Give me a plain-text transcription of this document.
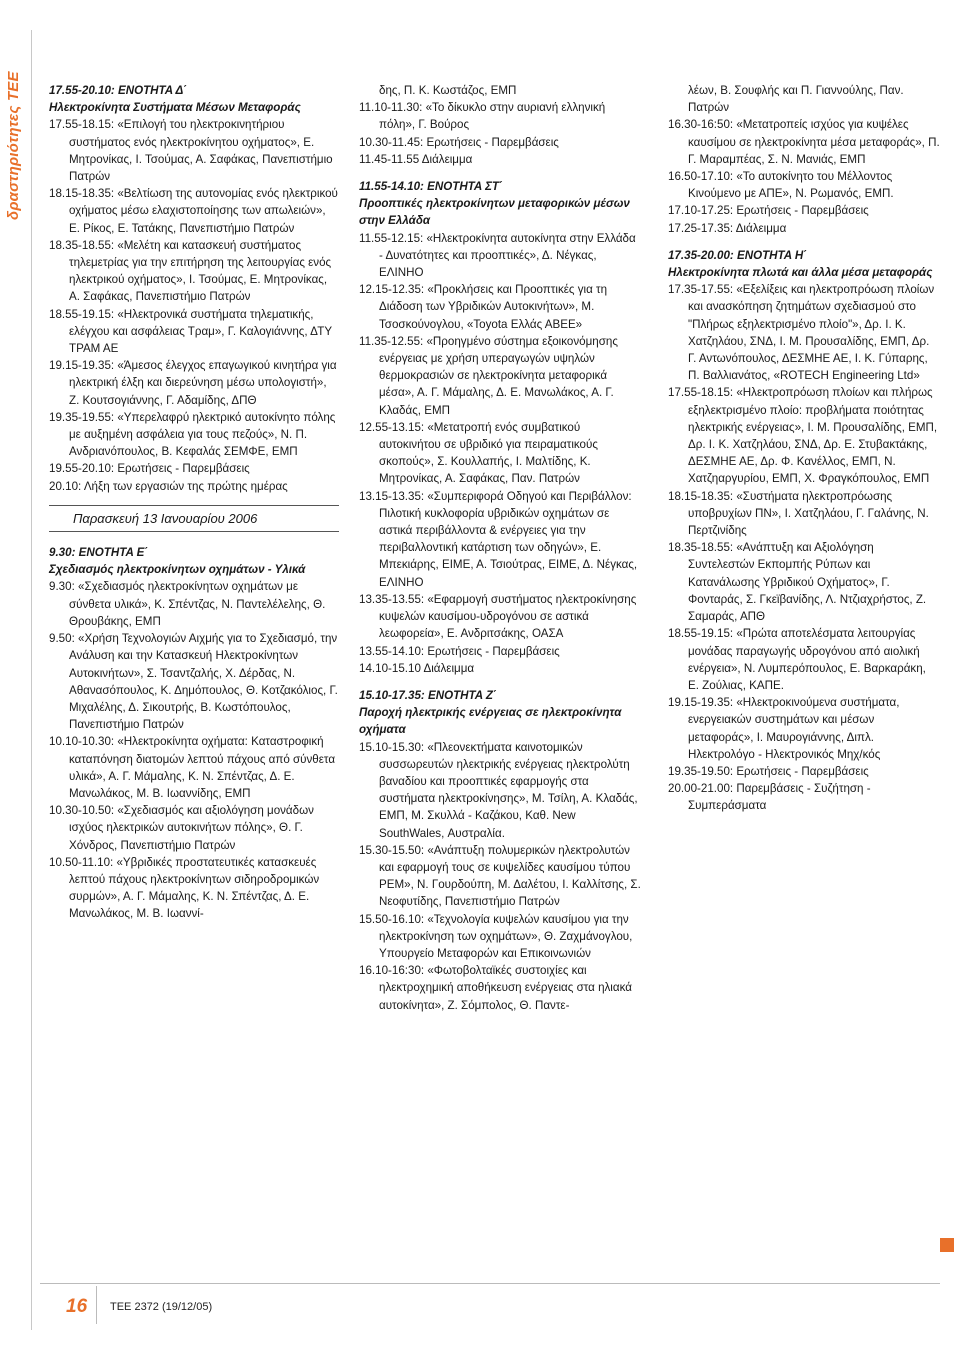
δραστηριότητες ΤΕΕ 17.55-20.10: ΕΝΟΤΗΤΑ Δ΄

Ηλεκτροκίνητα Συστήματα Μέσων Μεταφοράς

17.55-18.15: «Επιλογή του ηλεκτροκινητήριου συστήματος ενός ηλεκτροκίνητου οχήματος», Ε. Μητρονίκας, Ι. Τσούμας, Α. Σαφάκας, Πανεπιστήμιο Πατρών

18.15-18.35: «Βελτίωση της αυτονομίας ενός ηλεκτρικού οχήματος μέσω ελαχιστοποίησης των απωλειών», Ε. Ρίκος, Ε. Τατάκης, Πανεπιστήμιο Πατρών

18.35-18.55: «Μελέτη και κατασκευή συστήματος τηλεμετρίας για την επιτήρηση της λειτουργίας ενός ηλεκτρικού οχήματος», Ι. Τσούμας, Ε. Μητρονίκας, Α. Σαφάκας, Πανεπιστήμιο Πατρών

18.55-19.15: «Ηλεκτρονικά συστήματα τηλεματικής, ελέγχου και ασφάλειας Τραμ», Γ. Καλογιάννης, ΔΤΥ ΤΡΑΜ ΑΕ

19.15-19.35: «Άμεσος έλεγχος επαγωγικού κινητήρα για ηλεκτρική έλξη και διερεύνηση μέσω υπολογιστή», Ζ. Κουτσογιάννης, Γ. Αδαμίδης, ΔΠΘ

19.35-19.55: «Υπερελαφρύ ηλεκτρικό αυτοκίνητο πόλης με αυξημένη ασφάλεια για τους πεζούς», Ν. Π. Ανδριανόπουλος, Β. Κεφαλάς ΣΕΜΦΕ, ΕΜΠ

19.55-20.10: Ερωτήσεις - Παρεμβάσεις

20.10: Λήξη των εργασιών της πρώτης ημέρας

Παρασκευή 13 Ιανουαρίου 2006

9.30: ΕΝΟΤΗΤΑ Ε΄

Σχεδιασμός ηλεκτροκίνητων οχημάτων - Υλικά

9.30: «Σχεδιασμός ηλεκτροκίνητων οχημάτων με σύνθετα υλικά», Κ. Σπέντζας, Ν. Παντελέλελης, Θ. Θρουβάκης, ΕΜΠ

9.50: «Χρήση Τεχνολογιών Αιχμής για το Σχεδιασμό, την Ανάλυση και την Κατασκευή Ηλεκτροκίνητων Αυτοκινήτων», Σ. Τσαντζαλής, Χ. Δέρδας, Ν. Αθανασόπουλος, Κ. Δημόπουλος, Θ. Κοτζακόλιος, Γ. Μιχαλέλης, Δ. Σικουτρής, Β. Κωστόπουλος, Πανεπιστήμιο Πατρών

10.10-10.30: «Ηλεκτροκίνητα οχήματα: Καταστροφική καταπόνηση διατομών λεπτού πάχους από σύνθετα υλικά», Α. Γ. Μάμαλης, Κ. Ν. Σπέντζας, Δ. Ε. Μανωλάκος, Μ. Β. Ιωαννίδης, ΕΜΠ

10.30-10.50: «Σχεδιασμός και αξιολόγηση μονάδων ισχύος ηλεκτρικών αυτοκινήτων πόλης», Θ. Γ. Χόνδρος, Πανεπιστήμιο Πατρών

10.50-11.10: «Υβριδικές προστατευτικές κατασκευές λεπτού πάχους ηλεκτροκίνητων σιδηροδρομικών συρμών», Α. Γ. Μάμαλης, Κ. Ν. Σπέντζας, Δ. Ε. Μανωλάκος, Μ. Β. Ιωαννί-

δης, Π. Κ. Κωστάζος, ΕΜΠ

11.10-11.30: «Το δίκυκλο στην αυριανή ελληνική πόλη», Γ. Βούρος

10.30-11.45: Ερωτήσεις - Παρεμβάσεις

11.45-11.55 Διάλειμμα

11.55-14.10: ΕΝΟΤΗΤΑ ΣΤ΄

Προοπτικές ηλεκτροκίνητων μεταφορικών μέσων στην Ελλάδα

11.55-12.15: «Ηλεκτροκίνητα αυτοκίνητα στην Ελλάδα - Δυνατότητες και προοπτικές», Δ. Νέγκας, ΕΛΙΝΗΟ

12.15-12.35: «Προκλήσεις και Προοπτικές για τη Διάδοση των Υβριδικών Αυτοκινήτων», Μ. Τσοσκούνογλου, «Toyota Ελλάς ΑΒΕΕ»

11.35-12.55: «Προηγμένο σύστημα εξοικονόμησης ενέργειας με χρήση υπεραγωγών υψηλών θερμοκρασιών σε ηλεκτροκίνητα μεταφορικά μέσα», Α. Γ. Μάμαλης, Δ. Ε. Μανωλάκος, Α. Γ. Κλαδάς, ΕΜΠ

12.55-13.15: «Μετατροπή ενός συμβατικού αυτοκινήτου σε υβριδικό για πειραματικούς σκοπούς», Σ. Κουλλαπής, Ι. Μαλτίδης, Κ. Μητρονίκας, Α. Σαφάκας, Παν. Πατρών

13.15-13.35: «Συμπεριφορά Οδηγού και Περιβάλλον: Πιλοτική κυκλοφορία υβριδικών οχημάτων σε αστικά περιβάλλοντα & ενέργειες για την περιβαλλοντική κατάρτιση των οδηγών», Ε. Μπεκιάρης, ΕΙΜΕ, Α. Τσιούτρας, ΕΙΜΕ, Δ. Νέγκας, ΕΛΙΝΗΟ

13.35-13.55: «Εφαρμογή συστήματος ηλεκτροκίνησης κυψελών καυσίμου-υδρογόνου σε αστικά λεωφορεία», Ε. Ανδριτσάκης, ΟΑΣΑ

13.55-14.10: Ερωτήσεις - Παρεμβάσεις

14.10-15.10 Διάλειμμα

15.10-17.35: ΕΝΟΤΗΤΑ Ζ΄

Παροχή ηλεκτρικής ενέργειας σε ηλεκτροκίνητα οχήματα

15.10-15.30: «Πλεονεκτήματα καινοτομικών συσσωρευτών ηλεκτρικής ενέργειας ηλεκτρολύτη βαναδίου και προοπτικές εφαρμογής στα συστήματα ηλεκτροκίνησης», Μ. Τσίλη, Α. Κλαδάς, ΕΜΠ, Μ. Σκυλλά - Καζάκου, Καθ. New SouthWales, Αυστραλία.

15.30-15.50: «Ανάπτυξη πολυμερικών ηλεκτρολυτών και εφαρμογή τους σε κυψελίδες καυσίμου τύπου PEM», Ν. Γουρδούπη, Μ. Δαλέτου, Ι. Καλλίτσης, Σ. Νεοφυτίδης, Πανεπιστήμιο Πατρών

15.50-16.10: «Τεχνολογία κυψελών καυσίμου για την ηλεκτροκίνηση των οχημάτων», Θ. Ζαχμάνογλου, Υπουργείο Μεταφορών και Επικοινωνιών

16.10-16:30: «Φωτοβολταϊκές συστοιχίες και ηλεκτροχημική αποθήκευση ενέργειας στα ηλιακά αυτοκίνητα», Ζ. Σόμπολος, Θ. Παντε-

λέων, Β. Σουφλής και Π. Γιαννούλης, Παν. Πατρών

16.30-16:50: «Μετατροπείς ισχύος για κυψέλες καυσίμου σε ηλεκτροκίνητα μέσα μεταφοράς», Π. Γ. Μαραμπέας, Σ. Ν. Μανιάς, ΕΜΠ

16.50-17.10: «Το αυτοκίνητο του Μέλλοντος Κινούμενο με ΑΠΕ», Ν. Ρωμανός, ΕΜΠ.

17.10-17.25: Ερωτήσεις - Παρεμβάσεις

17.25-17.35: Διάλειμμα

17.35-20.00: ΕΝΟΤΗΤΑ Η΄

Ηλεκτροκίνητα πλωτά και άλλα μέσα μεταφοράς

17.35-17.55: «Εξελίξεις και ηλεκτροπρόωση πλοίων και ανασκόπηση ζητημάτων σχεδιασμού στο "Πλήρως εξηλεκτρισμένο πλοίο"», Δρ. Ι. Κ. Χατζηλάου, ΣΝΔ, Ι. Μ. Προυσαλίδης, ΕΜΠ, Δρ. Γ. Αντωνόπουλος, ΔΕΣΜΗΕ ΑΕ, Ι. Κ. Γύπαρης, Π. Βαλλιανάτος, «ROTECH Engineering Ltd»

17.55-18.15: «Ηλεκτροπρόωση πλοίων και πλήρως εξηλεκτρισμένο πλοίο: προβλήματα ποιότητας ηλεκτρικής ενέργειας», Ι. Μ. Προυσαλίδης, ΕΜΠ, Δρ. Ι. Κ. Χατζηλάου, ΣΝΔ, Δρ. Ε. Στυβακτάκης, ΔΕΣΜΗΕ ΑΕ, Δρ. Φ. Κανέλλος, ΕΜΠ, Ν. Χατζηαργυρίου, ΕΜΠ, Χ. Φραγκόπουλος, ΕΜΠ

18.15-18.35: «Συστήματα ηλεκτροπρόωσης υποβρυχίων ΠΝ», Ι. Χατζηλάου, Γ. Γαλάνης, Ν. Περτζινίδης

18.35-18.55: «Ανάπτυξη και Αξιολόγηση Συντελεστών Εκπομπής Ρύπων και Κατανάλωσης Υβριδικού Οχήματος», Γ. Φονταράς, Σ. Γκεϊβανίδης, Λ. Ντζιαχρήστος, Ζ. Σαμαράς, ΑΠΘ

18.55-19.15: «Πρώτα αποτελέσματα λειτουργίας μονάδας παραγωγής υδρογόνου από αιολική ενέργεια», Ν. Λυμπερόπουλος, Ε. Βαρκαράκη, Ε. Ζούλιας, ΚΑΠΕ.

19.15-19.35: «Ηλεκτροκινούμενα συστήματα, ενεργειακών συστημάτων και μέσων μεταφοράς», Ι. Μαυρογιάννης, Διπλ. Ηλεκτρολόγο - Ηλεκτρονικός Μηχ/κός

19.35-19.50: Ερωτήσεις - Παρεμβάσεις

20.00-21.00: Παρεμβάσεις - Συζήτηση - Συμπεράσματα

16 ΤΕΕ 2372 (19/12/05)
